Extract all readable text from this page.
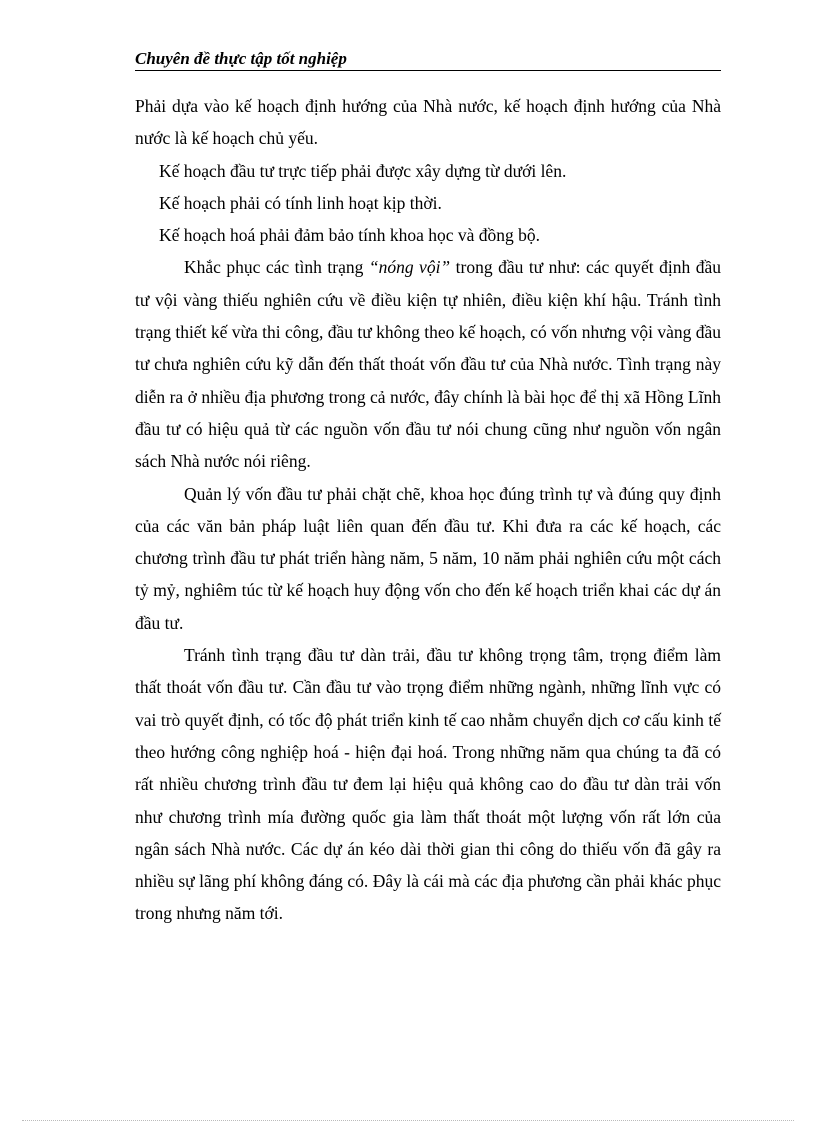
Chuyên đề thực tập tốt nghiệp

Phải dựa vào kế hoạch định hướng của Nhà nước, kế hoạch định hướng của Nhà nước là kế hoạch chủ yếu.

Kế hoạch đầu tư trực tiếp phải được xây dựng từ dưới lên.

Kế hoạch phải có tính linh hoạt kịp thời.

Kế hoạch hoá phải đảm bảo tính khoa học và đồng bộ.

Khắc phục các tình trạng “nóng vội” trong đầu tư như: các quyết định đầu tư vội vàng thiếu nghiên cứu về điều kiện tự nhiên, điều kiện khí hậu. Tránh tình trạng thiết kế vừa thi công, đầu tư không theo kế hoạch, có vốn nhưng vội vàng đầu tư chưa nghiên cứu kỹ dẫn đến thất thoát vốn đầu tư của Nhà nước. Tình trạng này diễn ra ở nhiều địa phương trong cả nước, đây chính là bài học để thị xã Hồng Lĩnh đầu tư có hiệu quả từ các nguồn vốn đầu tư nói chung cũng như nguồn vốn ngân sách Nhà nước nói riêng.

Quản lý vốn đầu tư phải chặt chẽ, khoa học đúng trình tự và đúng quy định của các văn bản pháp luật liên quan đến đầu tư. Khi đưa ra các kế hoạch, các chương trình đầu tư phát triển hàng năm, 5 năm, 10 năm phải nghiên cứu một cách tỷ mỷ, nghiêm túc từ kế hoạch huy động vốn cho đến kế hoạch triển khai các dự án đầu tư.

Tránh tình trạng đầu tư dàn trải, đầu tư không trọng tâm, trọng điểm làm thất thoát vốn đầu tư. Cần đầu tư vào trọng điểm những ngành, những lĩnh vực có vai trò quyết định, có tốc độ phát triển kinh tế cao nhằm chuyển dịch cơ cấu kinh tế theo hướng công nghiệp hoá - hiện đại hoá. Trong những năm qua chúng ta đã có rất nhiều chương trình đầu tư đem lại hiệu quả không cao do đầu tư dàn trải vốn như chương trình mía đường quốc gia làm thất thoát một lượng vốn rất lớn của ngân sách Nhà nước. Các dự án kéo dài thời gian thi công do thiếu vốn đã gây ra nhiều sự lãng phí không đáng có. Đây là cái mà các địa phương cần phải khác phục trong nhưng năm tới.
